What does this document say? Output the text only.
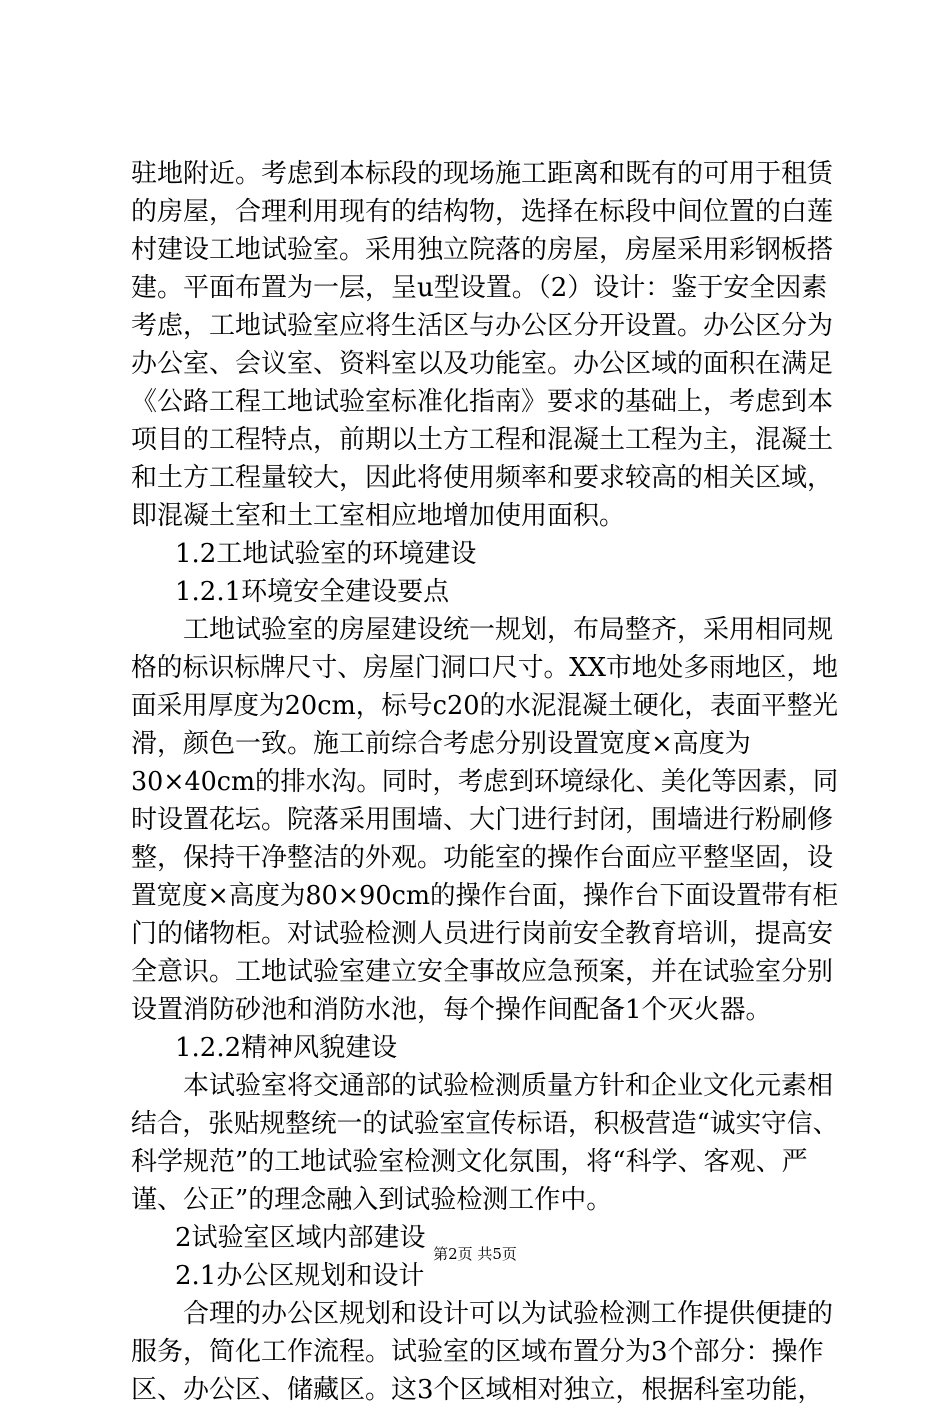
驻地附近。考虑到本标段的现场施工距离和既有的可用于租赁
的房屋，合理利用现有的结构物，选择在标段中间位置的白莲
村建设工地试验室。采用独立院落的房屋，房屋采用彩钢板搭
建。平面布置为一层，呈u型设置。（2）设计：鉴于安全因素
考虑，工地试验室应将生活区与办公区分开设置。办公区分为
办公室、会议室、资料室以及功能室。办公区域的面积在满足
《公路工程工地试验室标准化指南》要求的基础上，考虑到本
项目的工程特点，前期以土方工程和混凝土工程为主，混凝土
和土方工程量较大，因此将使用频率和要求较高的相关区域，
即混凝土室和土工室相应地增加使用面积。
1.2工地试验室的环境建设
1.2.1环境安全建设要点
工地试验室的房屋建设统一规划，布局整齐，采用相同规
格的标识标牌尺寸、房屋门洞口尺寸。XX市地处多雨地区，地
面采用厚度为20cm，标号c20的水泥混凝土硬化，表面平整光
滑，颜色一致。施工前综合考虑分别设置宽度×高度为
30×40cm的排水沟。同时，考虑到环境绿化、美化等因素，同
时设置花坛。院落采用围墙、大门进行封闭，围墙进行粉刷修
整，保持干净整洁的外观。功能室的操作台面应平整坚固，设
置宽度×高度为80×90cm的操作台面，操作台下面设置带有柜
门的储物柜。对试验检测人员进行岗前安全教育培训，提高安
全意识。工地试验室建立安全事故应急预案，并在试验室分别
设置消防砂池和消防水池，每个操作间配备1个灭火器。
1.2.2精神风貌建设
本试验室将交通部的试验检测质量方针和企业文化元素相
结合，张贴规整统一的试验室宣传标语，积极营造“诚实守信、
科学规范”的工地试验室检测文化氛围，将“科学、客观、严
谨、公正”的理念融入到试验检测工作中。
2试验室区域内部建设
2.1办公区规划和设计
合理的办公区规划和设计可以为试验检测工作提供便捷的
服务，简化工作流程。试验室的区域布置分为3个部分：操作
区、办公区、储藏区。这3个区域相对独立，根据科室功能，
第2页 共5页
